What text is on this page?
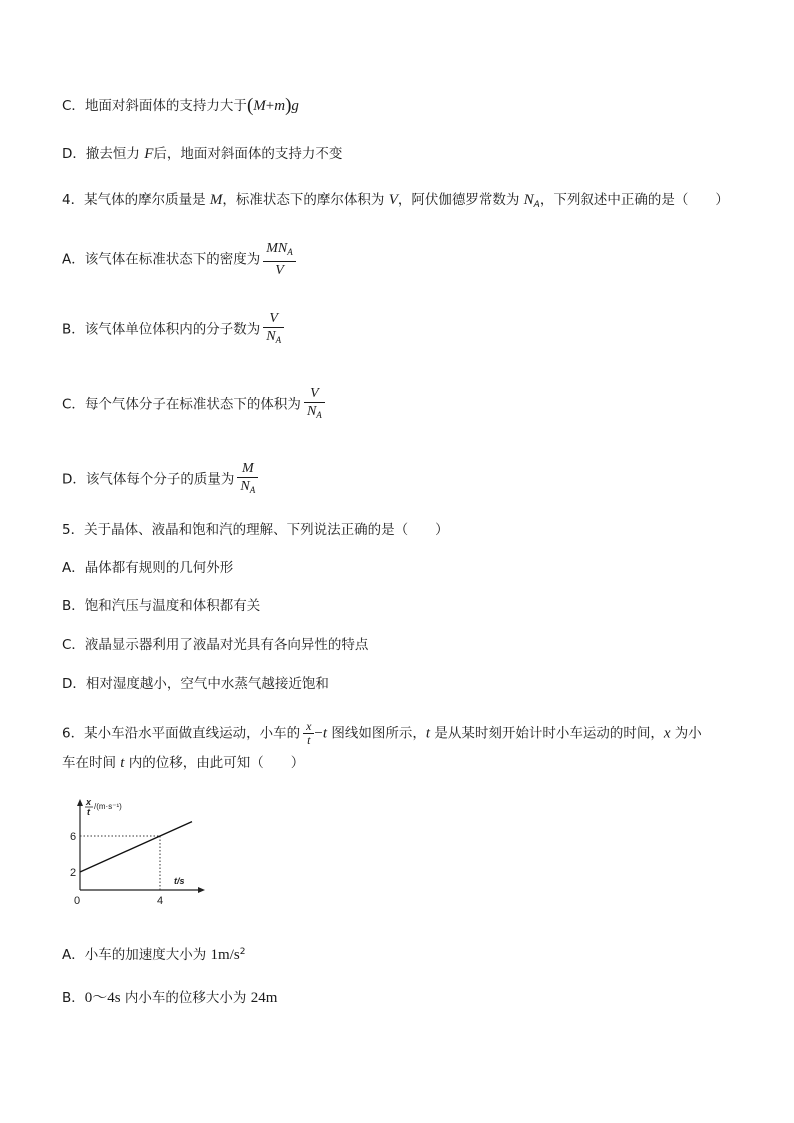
C．地面对斜面体的支持力大于(M+m)g
D．撤去恒力 F后，地面对斜面体的支持力不变
4．某气体的摩尔质量是 M，标准状态下的摩尔体积为 V，阿伏伽德罗常数为 $N_A$，下列叙述中正确的是（　　）
A．该气体在标准状态下的密度为 $\frac{MN_A}{V}$
B．该气体单位体积内的分子数为 $\frac{V}{N_A}$
C．每个气体分子在标准状态下的体积为 $\frac{V}{N_A}$
D．该气体每个分子的质量为 $\frac{M}{N_A}$
5．关于晶体、液晶和饱和汽的理解、下列说法正确的是（　　）
A．晶体都有规则的几何外形
B．饱和汽压与温度和体积都有关
C．液晶显示器利用了液晶对光具有各向异性的特点
D．相对湿度越小，空气中水蒸气越接近饱和
6．某小车沿水平面做直线运动，小车的 $\frac{x}{t} -t$ 图线如图所示，t 是从某时刻开始计时小车运动的时间，x 为小
车在时间 t 内的位移，由此可知（　　）
x
t
/(m·s⁻¹)
t/s
0
2
6
4
A．小车的加速度大小为 $1m/s^2$
B．0～4s 内小车的位移大小为 24m
